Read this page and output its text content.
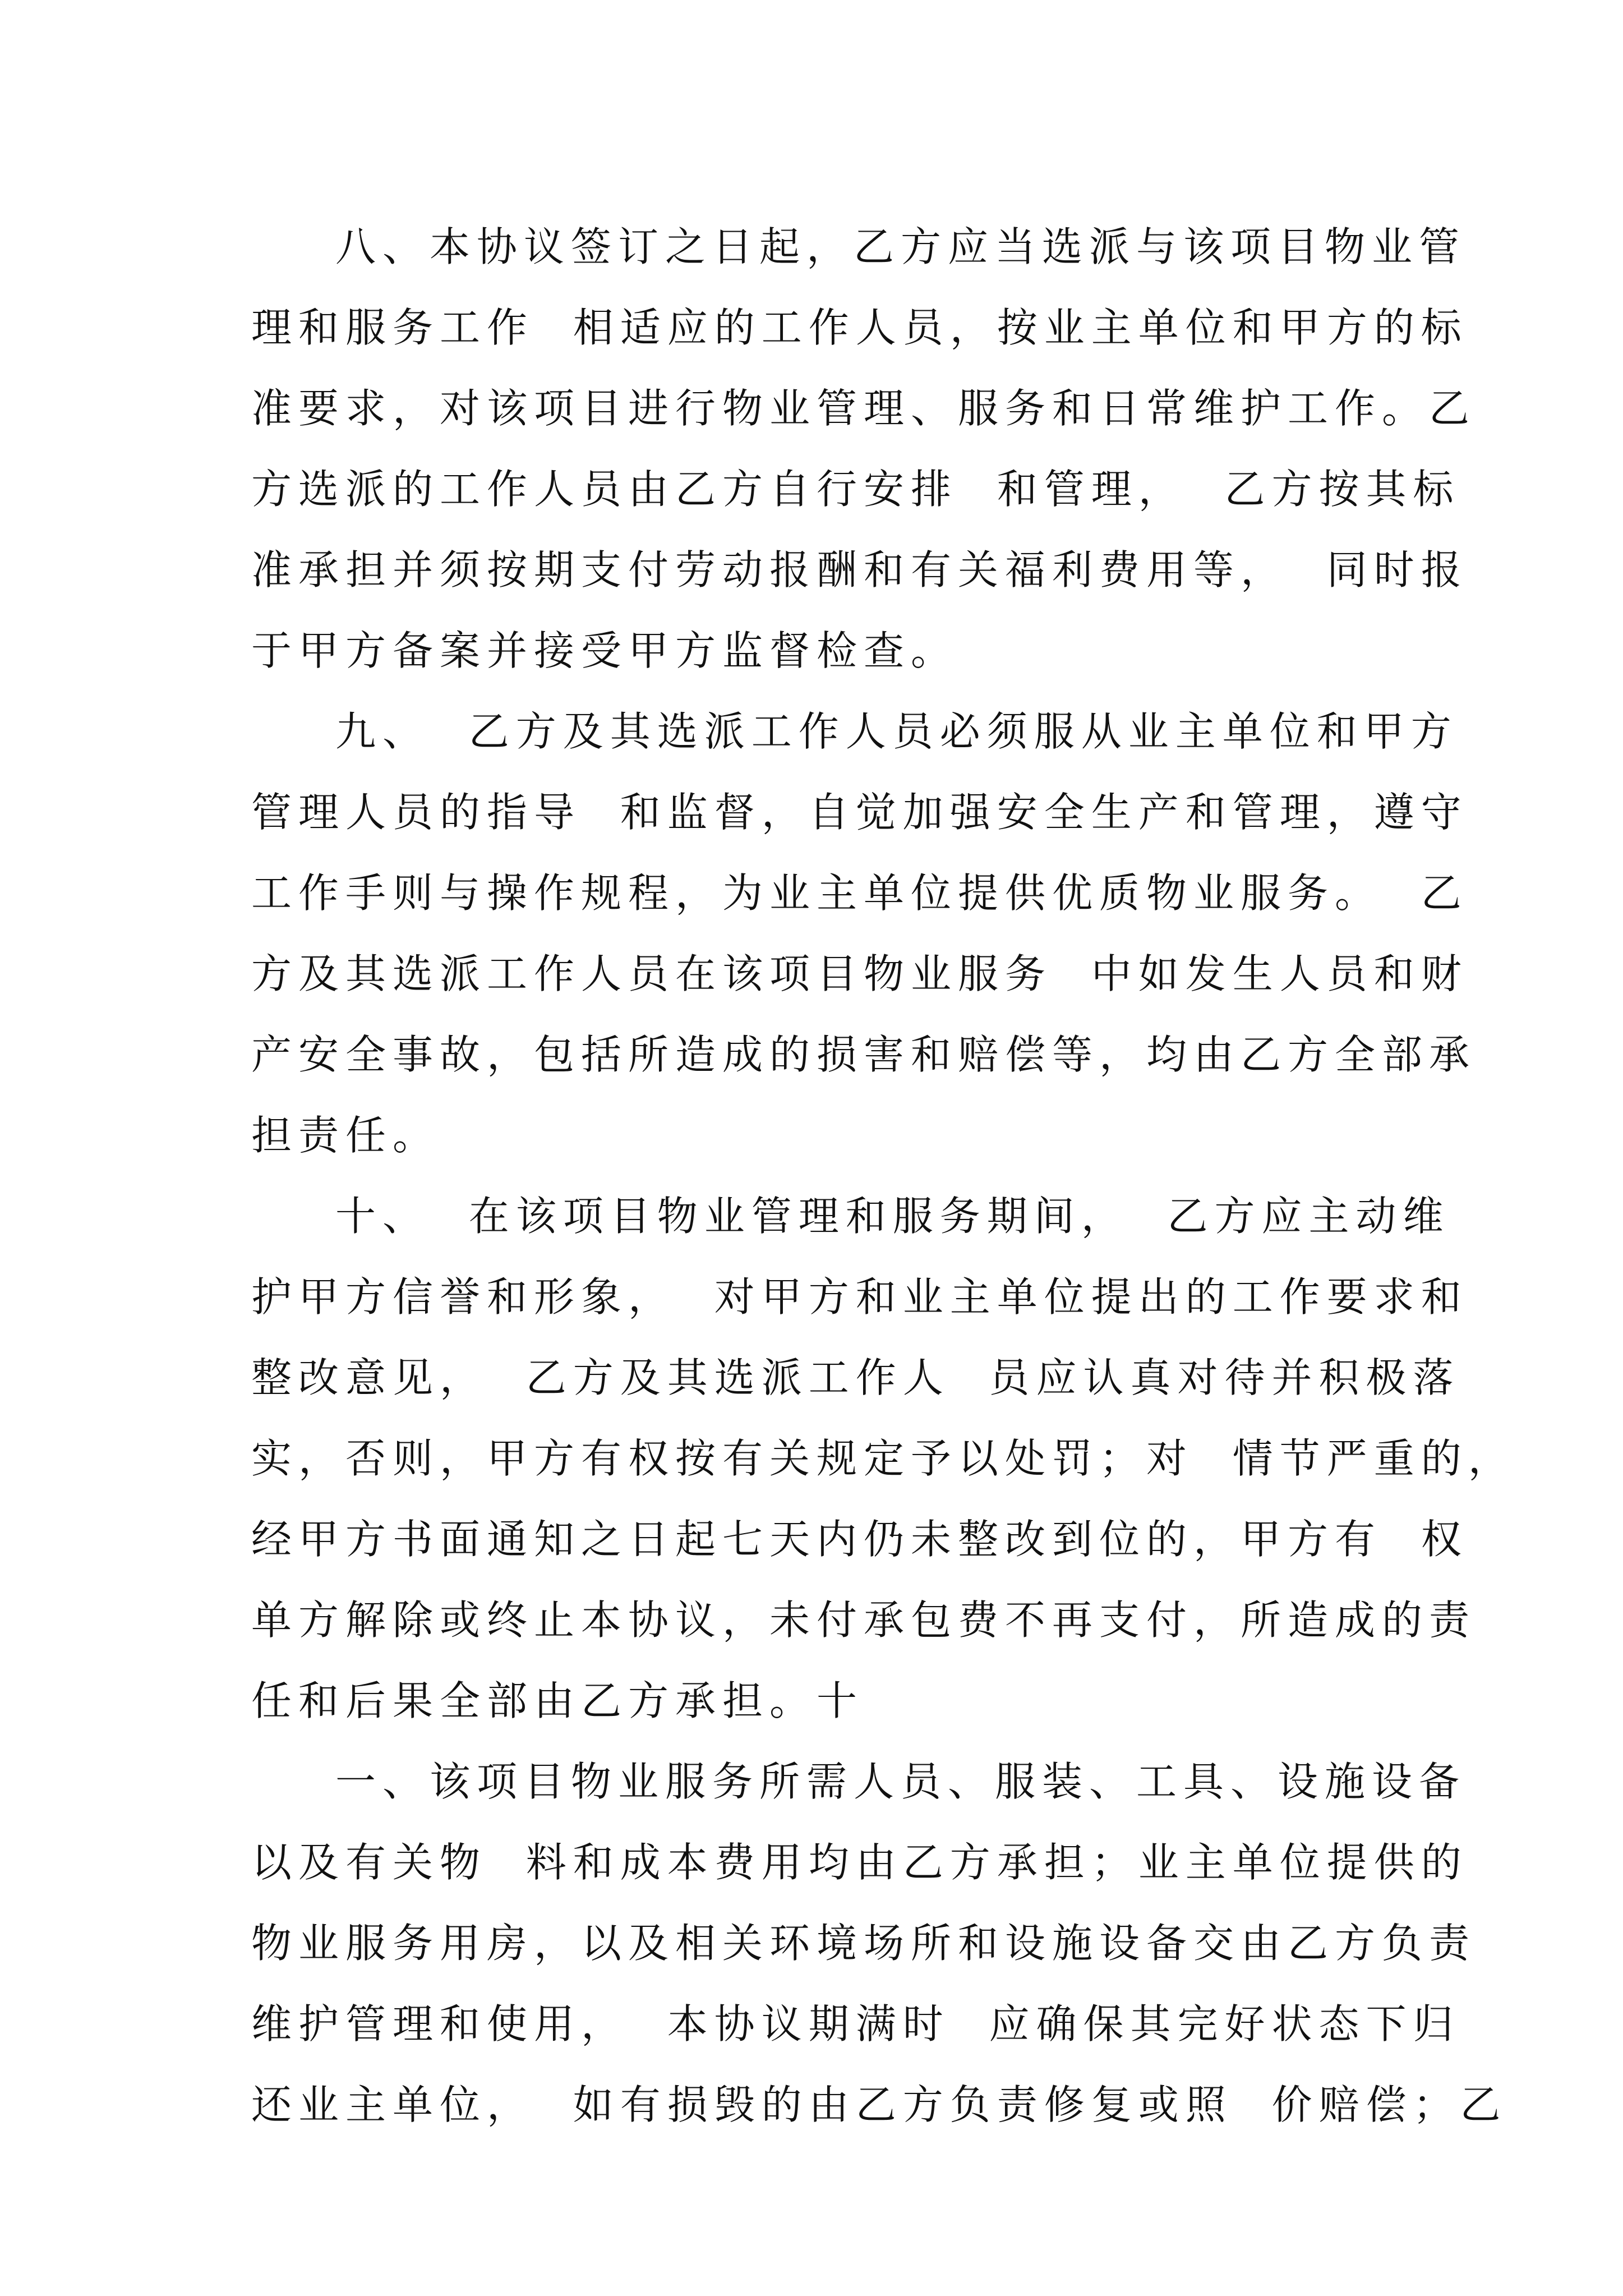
八、本协议签订之日起，乙方应当选派与该项目物业管
理和服务工作  相适应的工作人员，按业主单位和甲方的标
准要求，对该项目进行物业管理、服务和日常维护工作。乙
方选派的工作人员由乙方自行安排  和管理，  乙方按其标
准承担并须按期支付劳动报酬和有关福利费用等，  同时报
于甲方备案并接受甲方监督检查。
九、  乙方及其选派工作人员必须服从业主单位和甲方
管理人员的指导  和监督，自觉加强安全生产和管理，遵守
工作手则与操作规程，为业主单位提供优质物业服务。  乙
方及其选派工作人员在该项目物业服务  中如发生人员和财
产安全事故，包括所造成的损害和赔偿等，均由乙方全部承
担责任。
十、  在该项目物业管理和服务期间，  乙方应主动维
护甲方信誉和形象，  对甲方和业主单位提出的工作要求和
整改意见，  乙方及其选派工作人  员应认真对待并积极落
实，否则，甲方有权按有关规定予以处罚；对  情节严重的，
经甲方书面通知之日起七天内仍未整改到位的，甲方有  权
单方解除或终止本协议，未付承包费不再支付，所造成的责
任和后果全部由乙方承担。十
一、该项目物业服务所需人员、服装、工具、设施设备
以及有关物  料和成本费用均由乙方承担；业主单位提供的
物业服务用房，以及相关环境场所和设施设备交由乙方负责
维护管理和使用，  本协议期满时  应确保其完好状态下归
还业主单位，  如有损毁的由乙方负责修复或照  价赔偿；乙
